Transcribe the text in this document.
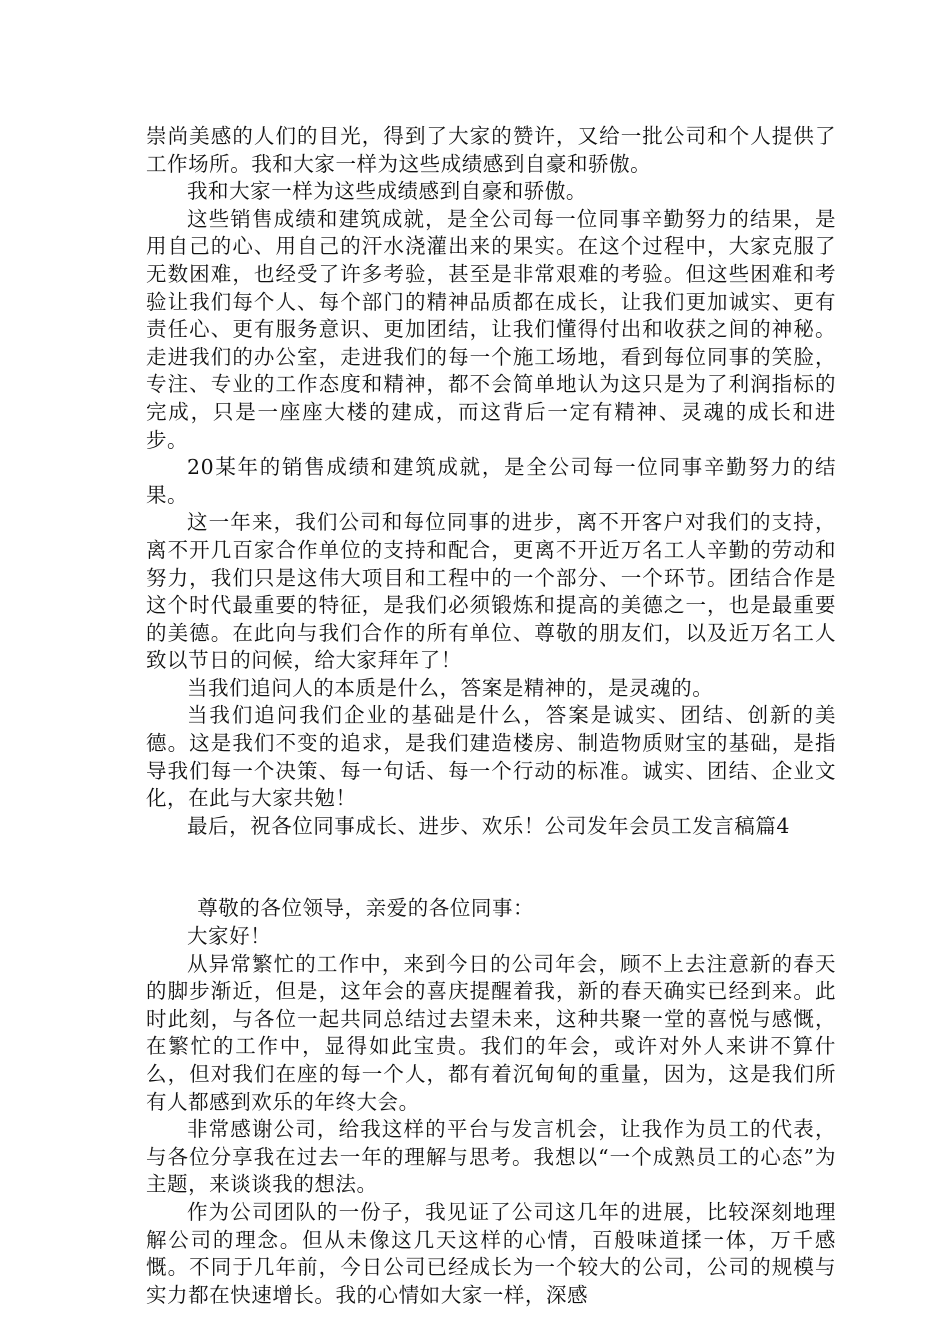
崇尚美感的人们的目光，得到了大家的赞许，又给一批公司和个人提供了工作场所。我和大家一样为这些成绩感到自豪和骄傲。

我和大家一样为这些成绩感到自豪和骄傲。

这些销售成绩和建筑成就，是全公司每一位同事辛勤努力的结果，是用自己的心、用自己的汗水浇灌出来的果实。在这个过程中，大家克服了无数困难，也经受了许多考验，甚至是非常艰难的考验。但这些困难和考验让我们每个人、每个部门的精神品质都在成长，让我们更加诚实、更有责任心、更有服务意识、更加团结，让我们懂得付出和收获之间的神秘。走进我们的办公室，走进我们的每一个施工场地，看到每位同事的笑脸，专注、专业的工作态度和精神，都不会简单地认为这只是为了利润指标的完成，只是一座座大楼的建成，而这背后一定有精神、灵魂的成长和进步。

20某年的销售成绩和建筑成就，是全公司每一位同事辛勤努力的结果。

这一年来，我们公司和每位同事的进步，离不开客户对我们的支持，离不开几百家合作单位的支持和配合，更离不开近万名工人辛勤的劳动和努力，我们只是这伟大项目和工程中的一个部分、一个环节。团结合作是这个时代最重要的特征，是我们必须锻炼和提高的美德之一，也是最重要的美德。在此向与我们合作的所有单位、尊敬的朋友们，以及近万名工人致以节日的问候，给大家拜年了！

当我们追问人的本质是什么，答案是精神的，是灵魂的。

当我们追问我们企业的基础是什么，答案是诚实、团结、创新的美德。这是我们不变的追求，是我们建造楼房、制造物质财宝的基础，是指导我们每一个决策、每一句话、每一个行动的标准。诚实、团结、企业文化，在此与大家共勉！

最后，祝各位同事成长、进步、欢乐！公司发年会员工发言稿篇4

尊敬的各位领导，亲爱的各位同事：

大家好！

从异常繁忙的工作中，来到今日的公司年会，顾不上去注意新的春天的脚步渐近，但是，这年会的喜庆提醒着我，新的春天确实已经到来。此时此刻，与各位一起共同总结过去望未来，这种共聚一堂的喜悦与感慨，在繁忙的工作中，显得如此宝贵。我们的年会，或许对外人来讲不算什么，但对我们在座的每一个人，都有着沉甸甸的重量，因为，这是我们所有人都感到欢乐的年终大会。

非常感谢公司，给我这样的平台与发言机会，让我作为员工的代表，与各位分享我在过去一年的理解与思考。我想以“一个成熟员工的心态”为主题，来谈谈我的想法。

作为公司团队的一份子，我见证了公司这几年的进展，比较深刻地理解公司的理念。但从未像这几天这样的心情，百般味道揉一体，万千感慨。不同于几年前，今日公司已经成长为一个较大的公司，公司的规模与实力都在快速增长。我的心情如大家一样，深感
